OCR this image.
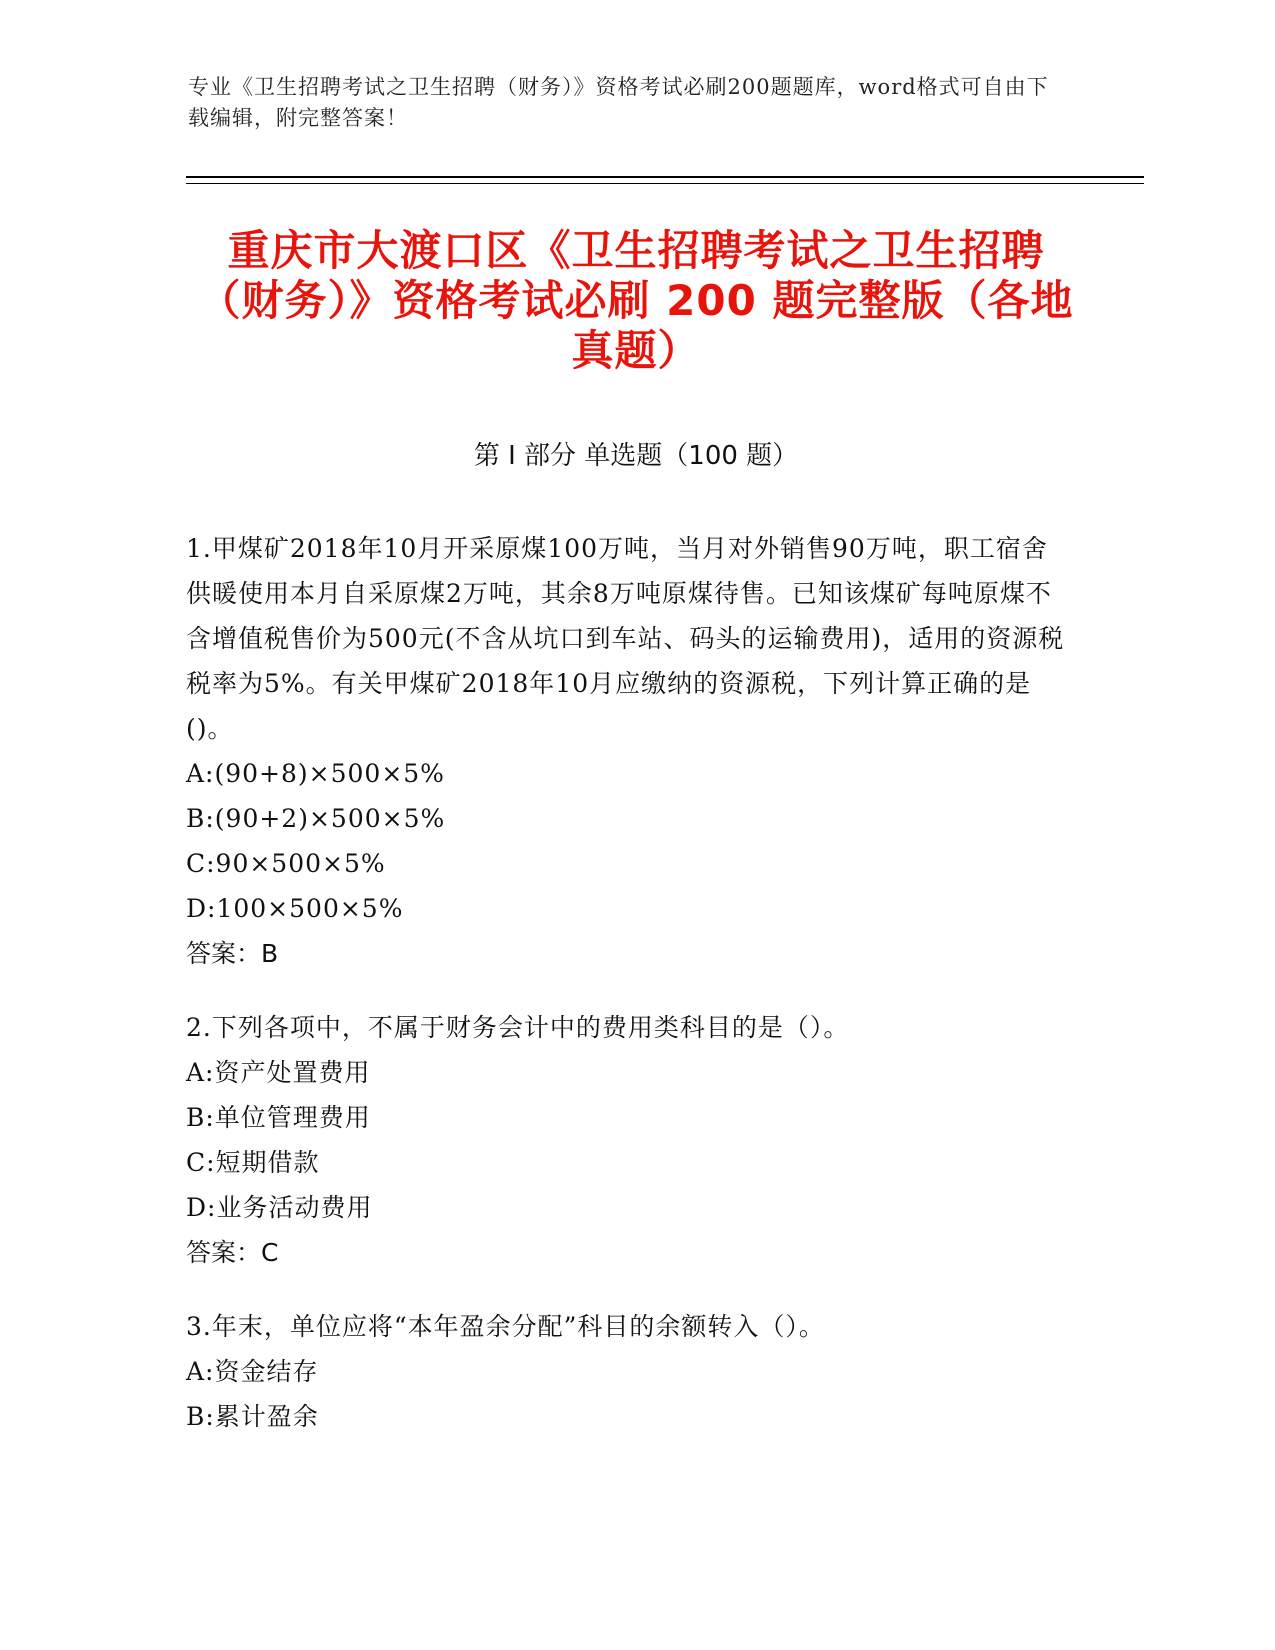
专业《卫生招聘考试之卫生招聘（财务）》资格考试必刷200题题库，word格式可自由下载编辑，附完整答案！
重庆市大渡口区《卫生招聘考试之卫生招聘（财务）》资格考试必刷 200 题完整版（各地真题）
第 I 部分 单选题（100 题）
1.甲煤矿2018年10月开采原煤100万吨，当月对外销售90万吨，职工宿舍供暖使用本月自采原煤2万吨，其余8万吨原煤待售。已知该煤矿每吨原煤不含增值税售价为500元(不含从坑口到车站、码头的运输费用)，适用的资源税税率为5%。有关甲煤矿2018年10月应缴纳的资源税，下列计算正确的是()。
A:(90+8)×500×5%
B:(90+2)×500×5%
C:90×500×5%
D:100×500×5%
答案：B
2.下列各项中，不属于财务会计中的费用类科目的是（）。
A:资产处置费用
B:单位管理费用
C:短期借款
D:业务活动费用
答案：C
3.年末，单位应将“本年盈余分配”科目的余额转入（）。
A:资金结存
B:累计盈余
